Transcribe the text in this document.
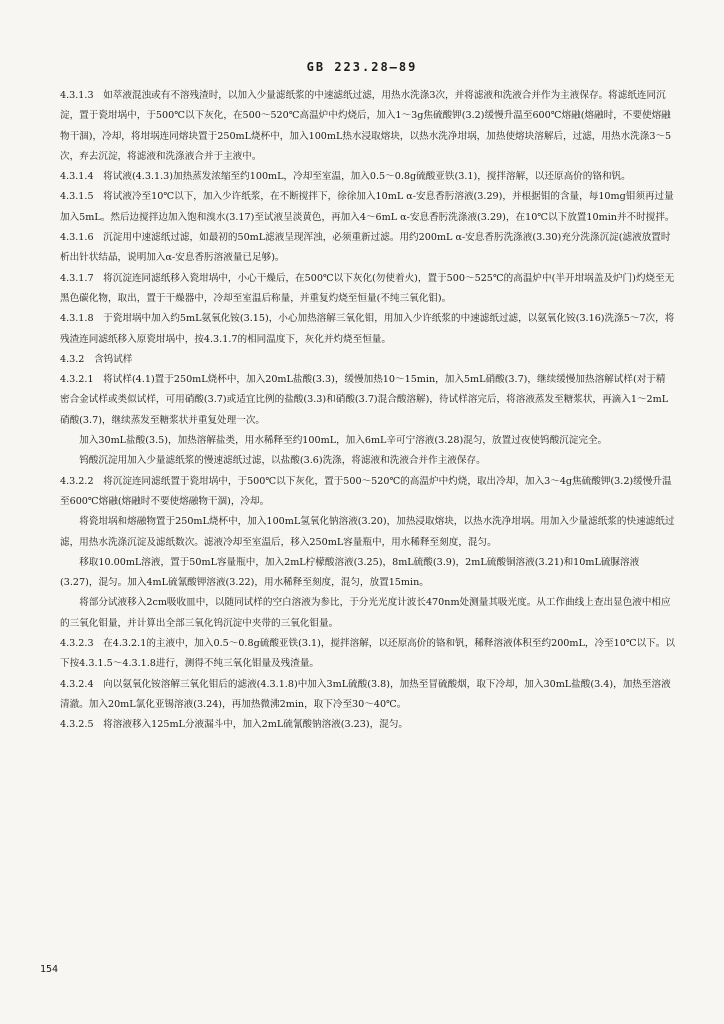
GB 223.28—89

4.3.1.3　如萃液混浊或有不溶残渣时，以加入少量滤纸浆的中速滤纸过滤，用热水洗涤3次，并将滤液和洗液合并作为主液保存。将滤纸连同沉淀，置于瓷坩埚中，于500℃以下灰化，在500～520℃高温炉中灼烧后，加入1～3g焦硫酸钾(3.2)缓慢升温至600℃熔融(熔融时，不要使熔融物干涸)，冷却，将坩埚连同熔块置于250mL烧杯中，加入100mL热水浸取熔块，以热水洗净坩埚，加热使熔块溶解后，过滤，用热水洗涤3～5次，弃去沉淀，将滤液和洗涤液合并于主液中。

4.3.1.4　将试液(4.3.1.3)加热蒸发浓缩至约100mL，冷却至室温，加入0.5～0.8g硫酸亚铁(3.1)，搅拌溶解，以还原高价的铬和钒。

4.3.1.5　将试液冷至10℃以下，加入少许纸浆，在不断搅拌下，徐徐加入10mL α-安息香肟溶液(3.29)，并根据钼的含量，每10mg钼须再过量加入5mL。然后边搅拌边加入饱和溴水(3.17)至试液呈淡黄色，再加入4～6mL α-安息香肟洗涤液(3.29)，在10℃以下放置10min并不时搅拌。

4.3.1.6　沉淀用中速滤纸过滤，如最初的50mL滤液呈现浑浊，必须重新过滤。用约200mL α-安息香肟洗涤液(3.30)充分洗涤沉淀(滤液放置时析出针状结晶，说明加入α-安息香肟溶液量已足够)。

4.3.1.7　将沉淀连同滤纸移入瓷坩埚中，小心干燥后，在500℃以下灰化(勿使着火)，置于500～525℃的高温炉中(半开坩埚盖及炉门)灼烧至无黑色碳化物，取出，置于干燥器中，冷却至室温后称量，并重复灼烧至恒量(不纯三氧化钼)。

4.3.1.8　于瓷坩埚中加入约5mL氨氧化铵(3.15)，小心加热溶解三氧化钼，用加入少许纸浆的中速滤纸过滤，以氨氧化铵(3.16)洗涤5～7次，将残渣连同滤纸移入原瓷坩埚中，按4.3.1.7的相同温度下，灰化并灼烧至恒量。

4.3.2　含钨试样

4.3.2.1　将试样(4.1)置于250mL烧杯中，加入20mL盐酸(3.3)，缓慢加热10～15min，加入5mL硝酸(3.7)，继续缓慢加热溶解试样(对于精密合金试样或类似试样，可用硝酸(3.7)或适宜比例的盐酸(3.3)和硝酸(3.7)混合酸溶解)，待试样溶完后，将溶液蒸发至糖浆状，再滴入1～2mL硝酸(3.7)，继续蒸发至糖浆状并重复处理一次。

加入30mL盐酸(3.5)，加热溶解盐类，用水稀释至约100mL，加入6mL辛可宁溶液(3.28)混匀，放置过夜使钨酸沉淀完全。

钨酸沉淀用加入少量滤纸浆的慢速滤纸过滤，以盐酸(3.6)洗涤，将滤液和洗液合并作主液保存。

4.3.2.2　将沉淀连同滤纸置于瓷坩埚中，于500℃以下灰化，置于500～520℃的高温炉中灼烧，取出冷却，加入3～4g焦硫酸钾(3.2)缓慢升温至600℃熔融(熔融时不要使熔融物干涸)，冷却。

将瓷坩埚和熔融物置于250mL烧杯中，加入100mL氢氧化钠溶液(3.20)，加热浸取熔块，以热水洗净坩埚。用加入少量滤纸浆的快速滤纸过滤，用热水洗涤沉淀及滤纸数次。滤液冷却至室温后，移入250mL容量瓶中，用水稀释至刻度，混匀。

移取10.00mL溶液，置于50mL容量瓶中，加入2mL柠檬酸溶液(3.25)，8mL硫酸(3.9)，2mL硫酸铜溶液(3.21)和10mL硫脲溶液(3.27)，混匀。加入4mL硫氰酸钾溶液(3.22)，用水稀释至刻度，混匀，放置15min。

将部分试液移入2cm吸收皿中，以随同试样的空白溶液为参比，于分光光度计波长470nm处测量其吸光度。从工作曲线上查出显色液中相应的三氧化钼量，并计算出全部三氧化钨沉淀中夹带的三氧化钼量。

4.3.2.3　在4.3.2.1的主液中，加入0.5～0.8g硫酸亚铁(3.1)，搅拌溶解，以还原高价的铬和钒，稀释溶液体积至约200mL，冷至10℃以下。以下按4.3.1.5～4.3.1.8进行，测得不纯三氧化钼量及残渣量。

4.3.2.4　向以氨氧化铵溶解三氧化钼后的滤液(4.3.1.8)中加入3mL硫酸(3.8)，加热至冒硫酸烟，取下冷却，加入30mL盐酸(3.4)，加热至溶液清澈。加入20mL氯化亚锡溶液(3.24)，再加热微沸2min，取下冷至30～40℃。

4.3.2.5　将溶液移入125mL分液漏斗中，加入2mL硫氰酸钠溶液(3.23)，混匀。

154
